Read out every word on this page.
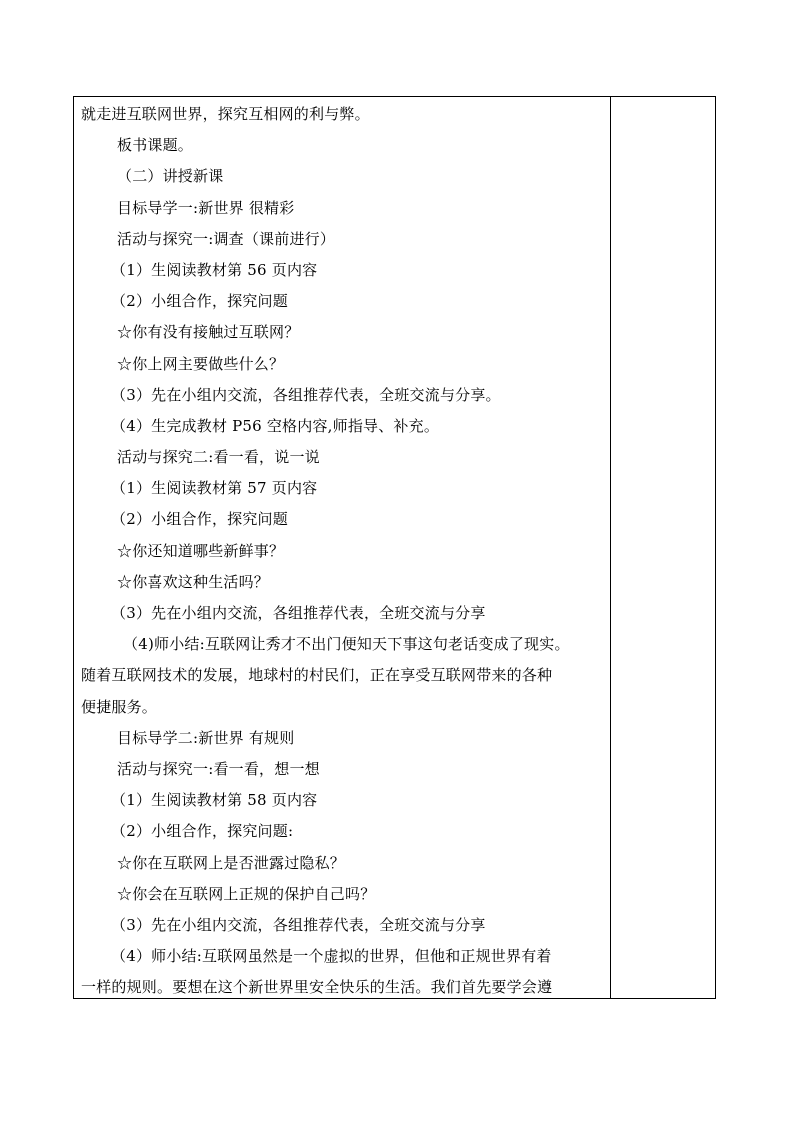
就走进互联网世界，探究互相网的利与弊。
板书课题。
（二）讲授新课
目标导学一:新世界 很精彩
活动与探究一:调查（课前进行）
（1）生阅读教材第 56 页内容
（2）小组合作，探究问题
☆你有没有接触过互联网？
☆你上网主要做些什么？
（3）先在小组内交流，各组推荐代表，全班交流与分享。
（4）生完成教材 P56 空格内容,师指导、补充。
活动与探究二:看一看，说一说
（1）生阅读教材第 57 页内容
（2）小组合作，探究问题
☆你还知道哪些新鲜事？
☆你喜欢这种生活吗？
（3）先在小组内交流，各组推荐代表，全班交流与分享
（4)师小结:互联网让秀才不出门便知天下事这句老话变成了现实。
随着互联网技术的发展，地球村的村民们，正在享受互联网带来的各种
便捷服务。
目标导学二:新世界 有规则
活动与探究一:看一看，想一想
（1）生阅读教材第 58 页内容
（2）小组合作，探究问题:
☆你在互联网上是否泄露过隐私？
☆你会在互联网上正规的保护自己吗？
（3）先在小组内交流，各组推荐代表，全班交流与分享
（4）师小结:互联网虽然是一个虚拟的世界，但他和正规世界有着
一样的规则。要想在这个新世界里安全快乐的生活。我们首先要学会遵
